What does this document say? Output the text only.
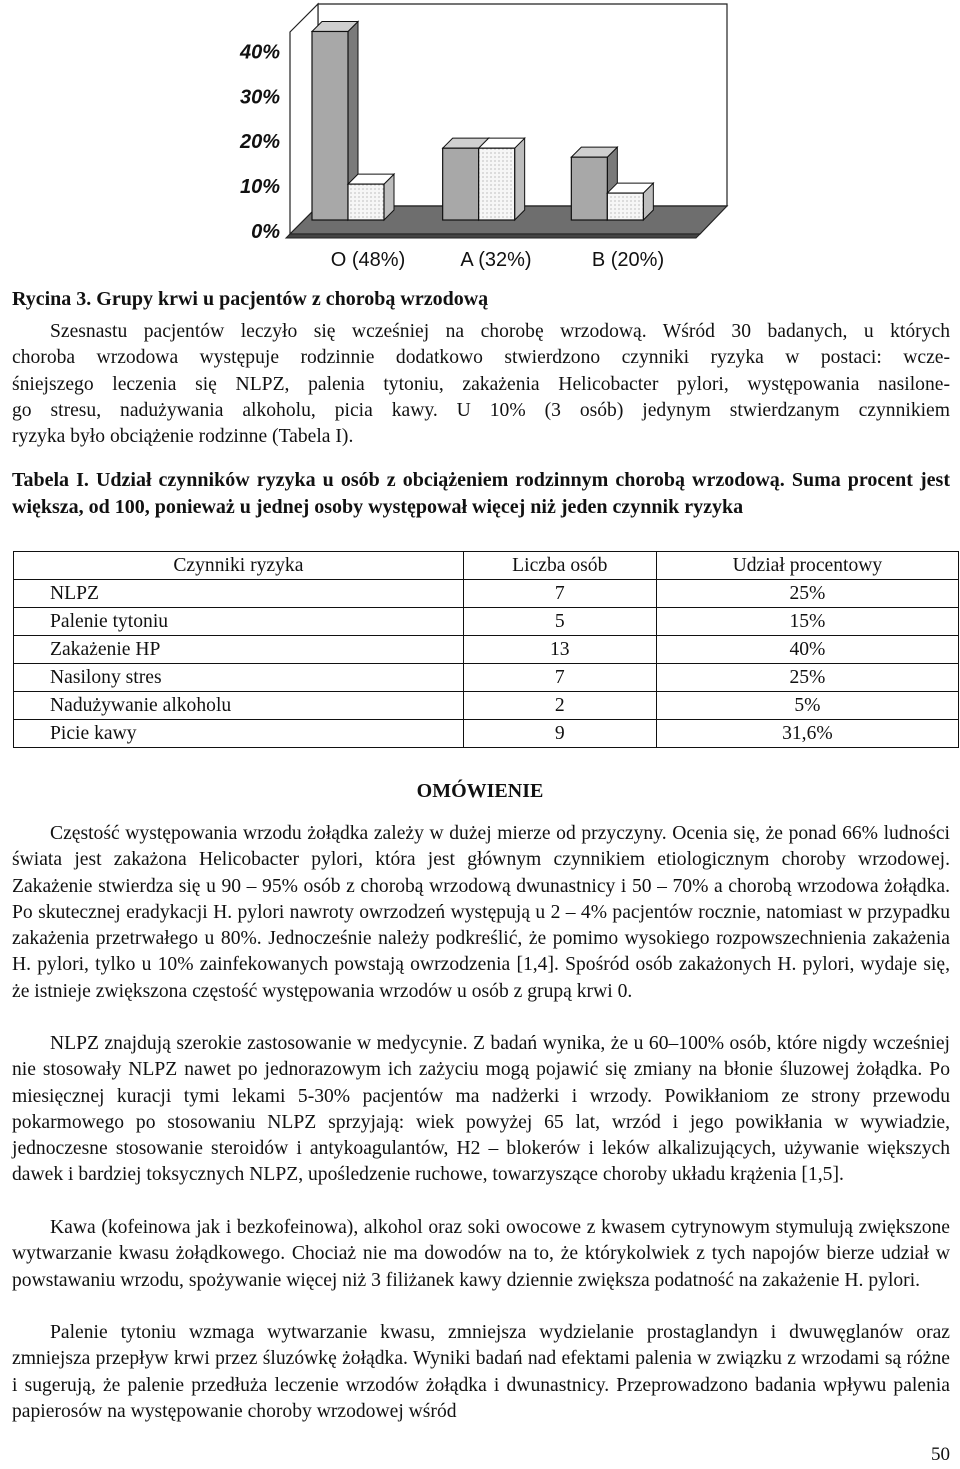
40%
30%
20%
10%
0%
O (48%)	A (32%)	B (20%)
Rycina 3. Grupy krwi u pacjentów z chorobą wrzodową
Szesnastu pacjentów leczyło się wcześniej na chorobę wrzodową. Wśród 30 badanych, u których
choroba wrzodowa występuje rodzinnie dodatkowo stwierdzono czynniki ryzyka w postaci: wcze-
śniejszego leczenia się NLPZ, palenia tytoniu, zakażenia Helicobacter pylori, występowania nasilone-
go stresu, nadużywania alkoholu, picia kawy. U 10% (3 osób) jedynym stwierdzanym czynnikiem
ryzyka było obciążenie rodzinne (Tabela I).

Tabela I. Udział czynników ryzyka u osób z obciążeniem rodzinnym chorobą wrzodową. Suma procent jest większa, od 100, ponieważ u jednej osoby występował więcej niż jeden czynnik ryzyka

Czynniki ryzyka	Liczba osób	Udział procentowy
NLPZ	7	25%
Palenie tytoniu	5	15%
Zakażenie HP	13	40%
Nasilony stres	7	25%
Nadużywanie alkoholu	2	5%
Picie kawy	9	31,6%
OMÓWIENIE

Częstość występowania wrzodu żołądka zależy w dużej mierze od przyczyny. Ocenia się, że ponad 66% ludności świata jest zakażona Helicobacter pylori, która jest głównym czynnikiem etiologicznym choroby wrzodowej. Zakażenie stwierdza się u 90 – 95% osób z chorobą wrzodową dwunastnicy i 50 – 70% a chorobą wrzodowa żołądka. Po skutecznej eradykacji H. pylori nawroty owrzodzeń występują u 2 – 4% pacjentów rocznie, natomiast w przypadku zakażenia przetrwałego u 80%. Jednocześnie należy podkreślić, że pomimo wysokiego rozpowszechnienia zakażenia H. pylori, tylko u 10% zainfekowanych powstają owrzodzenia [1,4]. Spośród osób zakażonych H. pylori, wydaje się, że istnieje zwiększona częstość występowania wrzodów u osób z grupą krwi 0.

NLPZ znajdują szerokie zastosowanie w medycynie. Z badań wynika, że u 60–100% osób, które nigdy wcześniej nie stosowały NLPZ nawet po jednorazowym ich zażyciu mogą pojawić się zmiany na błonie śluzowej żołądka. Po miesięcznej kuracji tymi lekami 5-30% pacjentów ma nadżerki i wrzody. Powikłaniom ze strony przewodu pokarmowego po stosowaniu NLPZ sprzyjają: wiek powyżej 65 lat, wrzód i jego powikłania w wywiadzie, jednoczesne stosowanie steroidów i antykoagulantów, H2 – blokerów i leków alkalizujących, używanie większych dawek i bardziej toksycznych NLPZ, upośledzenie ruchowe, towarzyszące choroby układu krążenia [1,5].

Kawa (kofeinowa jak i bezkofeinowa), alkohol oraz soki owocowe z kwasem cytrynowym stymulują zwiększone wytwarzanie kwasu żołądkowego. Chociaż nie ma dowodów na to, że którykolwiek z tych napojów bierze udział w powstawaniu wrzodu, spożywanie więcej niż 3 filiżanek kawy dziennie zwiększa podatność na zakażenie H. pylori.

Palenie tytoniu wzmaga wytwarzanie kwasu, zmniejsza wydzielanie prostaglandyn i dwuwęglanów oraz zmniejsza przepływ krwi przez śluzówkę żołądka. Wyniki badań nad efektami palenia w związku z wrzodami są różne i sugerują, że palenie przedłuża leczenie wrzodów żołądka i dwunastnicy. Przeprowadzono badania wpływu palenia papierosów na występowanie choroby wrzodowej wśród

50
